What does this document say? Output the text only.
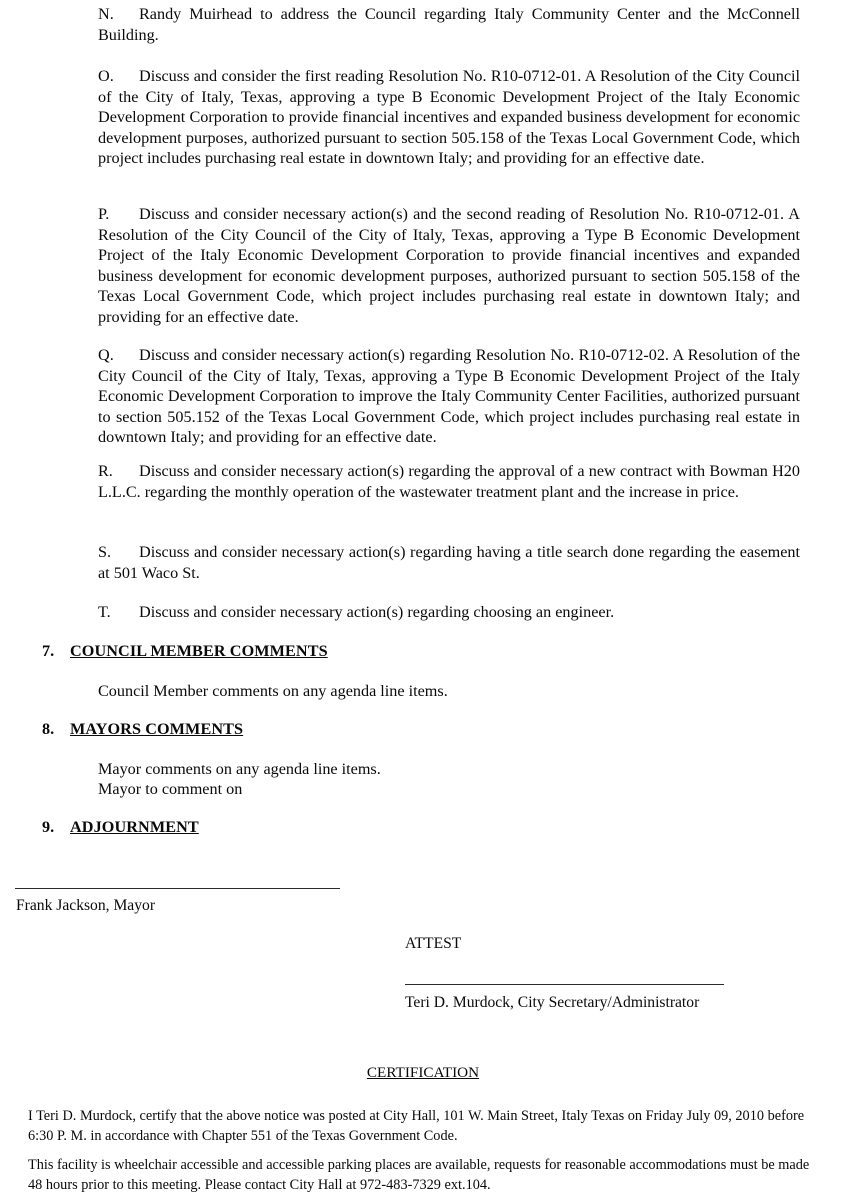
N. Randy Muirhead to address the Council regarding Italy Community Center and the McConnell Building.
O. Discuss and consider the first reading Resolution No. R10-0712-01. A Resolution of the City Council of the City of Italy, Texas, approving a type B Economic Development Project of the Italy Economic Development Corporation to provide financial incentives and expanded business development for economic development purposes, authorized pursuant to section 505.158 of the Texas Local Government Code, which project includes purchasing real estate in downtown Italy; and providing for an effective date.
P. Discuss and consider necessary action(s) and the second reading of Resolution No. R10-0712-01. A Resolution of the City Council of the City of Italy, Texas, approving a Type B Economic Development Project of the Italy Economic Development Corporation to provide financial incentives and expanded business development for economic development purposes, authorized pursuant to section 505.158 of the Texas Local Government Code, which project includes purchasing real estate in downtown Italy; and providing for an effective date.
Q. Discuss and consider necessary action(s) regarding Resolution No. R10-0712-02. A Resolution of the City Council of the City of Italy, Texas, approving a Type B Economic Development Project of the Italy Economic Development Corporation to improve the Italy Community Center Facilities, authorized pursuant to section 505.152 of the Texas Local Government Code, which project includes purchasing real estate in downtown Italy; and providing for an effective date.
R. Discuss and consider necessary action(s) regarding the approval of a new contract with Bowman H20 L.L.C. regarding the monthly operation of the wastewater treatment plant and the increase in price.
S. Discuss and consider necessary action(s) regarding having a title search done regarding the easement at 501 Waco St.
T. Discuss and consider necessary action(s) regarding choosing an engineer.
7. COUNCIL MEMBER COMMENTS
Council Member comments on any agenda line items.
8. MAYORS COMMENTS
Mayor comments on any agenda line items.
Mayor to comment on
9. ADJOURNMENT
Frank Jackson, Mayor
ATTEST
Teri D. Murdock, City Secretary/Administrator
CERTIFICATION
I Teri D. Murdock, certify that the above notice was posted at City Hall, 101 W. Main Street, Italy Texas on Friday July 09, 2010 before 6:30 P. M. in accordance with Chapter 551 of the Texas Government Code.
This facility is wheelchair accessible and accessible parking places are available, requests for reasonable accommodations must be made 48 hours prior to this meeting. Please contact City Hall at 972-483-7329 ext.104.
